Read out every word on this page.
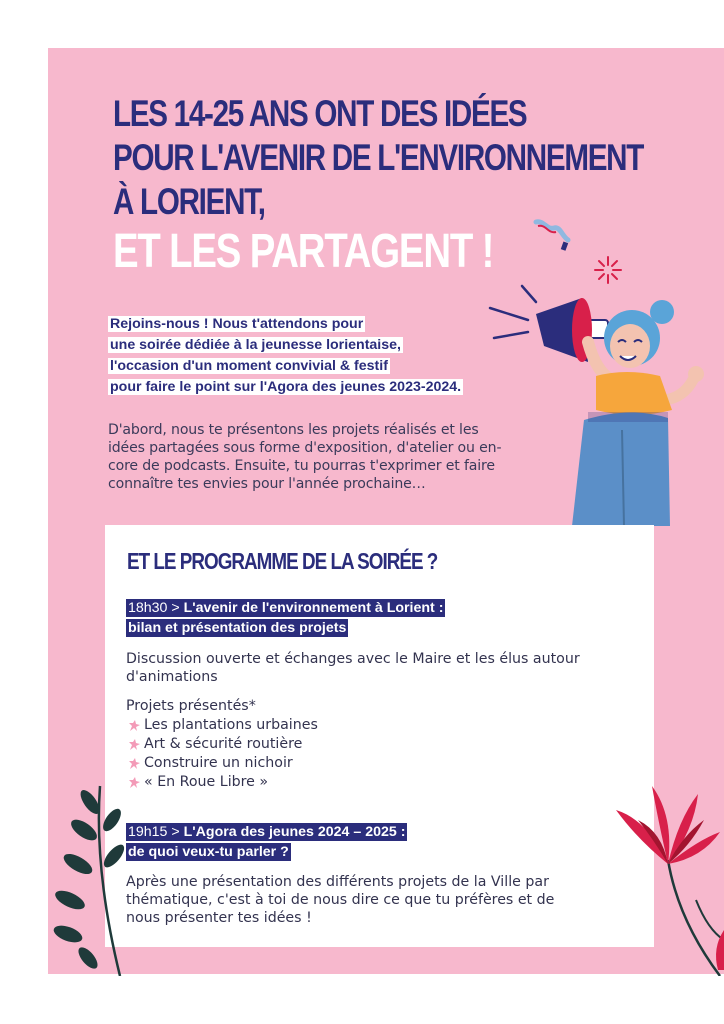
LES 14-25 ANS ONT DES IDÉES
POUR L'AVENIR DE L'ENVIRONNEMENT
À LORIENT,
ET LES PARTAGENT !
Rejoins-nous ! Nous t'attendons pour
une soirée dédiée à la jeunesse lorientaise,
l'occasion d'un moment convivial & festif
pour faire le point sur l'Agora des jeunes 2023-2024.
D'abord, nous te présentons les projets réalisés et les
idées partagées sous forme d'exposition, d'atelier ou en-
core de podcasts. Ensuite, tu pourras t'exprimer et faire
connaître tes envies pour l'année prochaine…
ET LE PROGRAMME DE LA SOIRÉE ?
18h30 > L'avenir de l'environnement à Lorient :
bilan et présentation des projets
Discussion ouverte et échanges avec le Maire et les élus autour
d'animations
Projets présentés*
Les plantations urbaines
Art & sécurité routière
Construire un nichoir
« En Roue Libre »
19h15 > L'Agora des jeunes 2024 – 2025 :
de quoi veux-tu parler ?
Après une présentation des différents projets de la Ville par
thématique, c'est à toi de nous dire ce que tu préfères et de
nous présenter tes idées !
